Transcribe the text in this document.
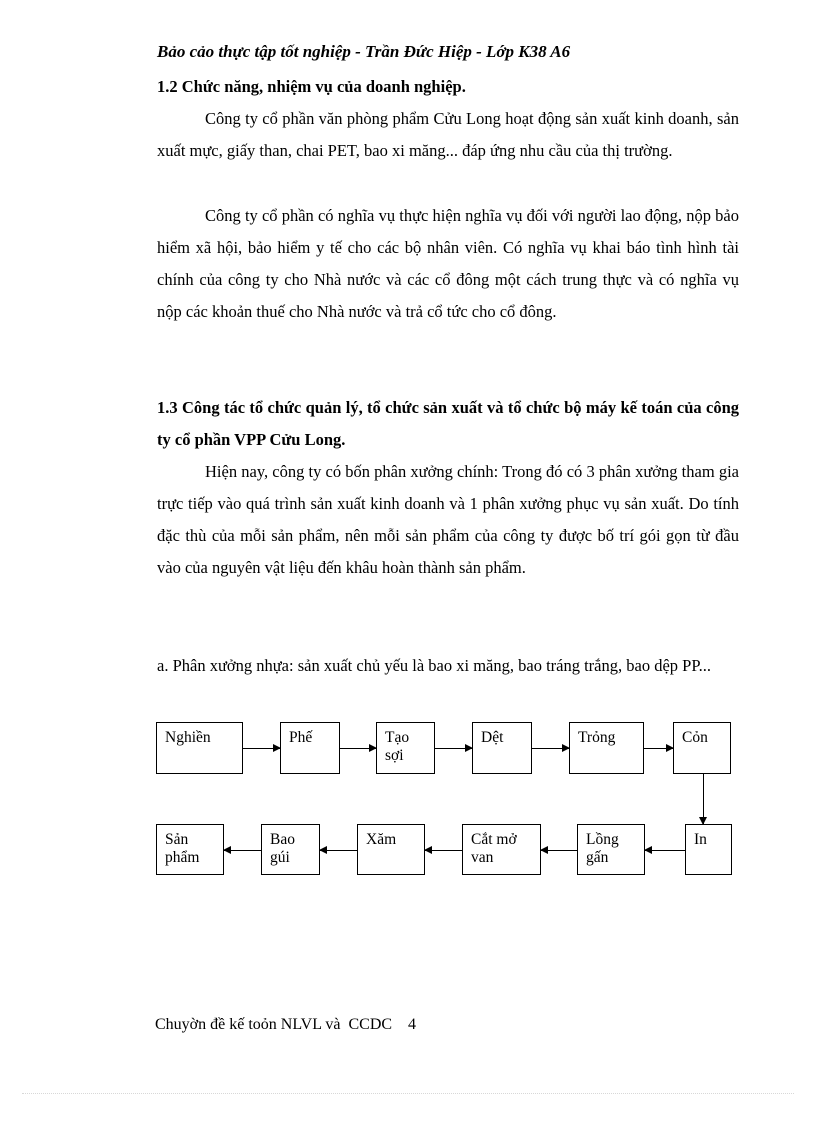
Bảo cảo thực tập tốt nghiệp - Trần Đức Hiệp - Lớp K38 A6
1.2 Chức năng, nhiệm vụ của doanh nghiệp.
Công ty cổ phần văn phòng phẩm Cửu Long hoạt động sản xuất kinh doanh, sản xuất mực, giấy than, chai PET, bao xi măng... đáp ứng nhu cầu của thị trường.
Công ty cổ phần có nghĩa vụ thực hiện nghĩa vụ đối với người lao động, nộp bảo hiểm xã hội, bảo hiểm y tế cho các bộ nhân viên. Có nghĩa vụ khai báo tình hình tài chính của công ty cho Nhà nước và các cổ đông một cách trung thực và có nghĩa vụ nộp các khoản thuế cho Nhà nước và trả cổ tức cho cổ đông.
1.3 Công tác tổ chức quản lý, tổ chức sản xuất và tổ chức bộ máy kế toán của công ty cổ phần VPP Cửu Long.
Hiện nay, công ty có bốn phân xưởng chính: Trong đó có 3 phân xưởng tham gia trực tiếp vào quá trình sản xuất kinh doanh và 1 phân xưởng phục vụ sản xuất. Do tính đặc thù của mỗi sản phẩm, nên mỗi sản phẩm của công ty được bố trí gói gọn từ đầu vào của nguyên vật liệu đến khâu hoàn thành sản phẩm.
a. Phân xưởng nhựa: sản xuất chủ yếu là bao xi măng, bao tráng trắng, bao dệp PP...
Nghiền	Phế	Tạo sợi
Dệt	Trỏng	Cỏn
In
Lồng gấn
Cắt mở van
Xăm
Bao gúi
Sản phẩm
Chuyờn đề kế toỏn NLVL và  CCDC    4
